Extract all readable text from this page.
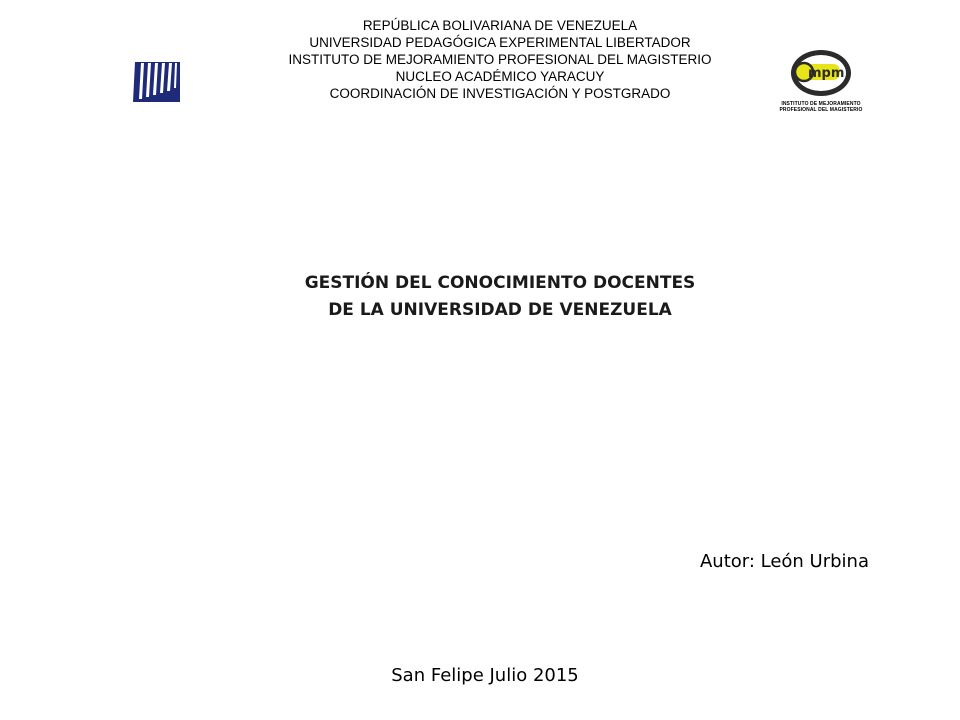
REPÚBLICA BOLIVARIANA DE VENEZUELA
UNIVERSIDAD PEDAGÓGICA EXPERIMENTAL LIBERTADOR
INSTITUTO DE MEJORAMIENTO PROFESIONAL DEL MAGISTERIO
NUCLEO ACADÉMICO YARACUY
COORDINACIÓN DE INVESTIGACIÓN Y POSTGRADO
mpm
INSTITUTO DE MEJORAMIENTO
PROFESIONAL DEL MAGISTERIO
GESTIÓN DEL CONOCIMIENTO DOCENTES
DE LA UNIVERSIDAD DE VENEZUELA
Autor: León Urbina
San Felipe Julio 2015
